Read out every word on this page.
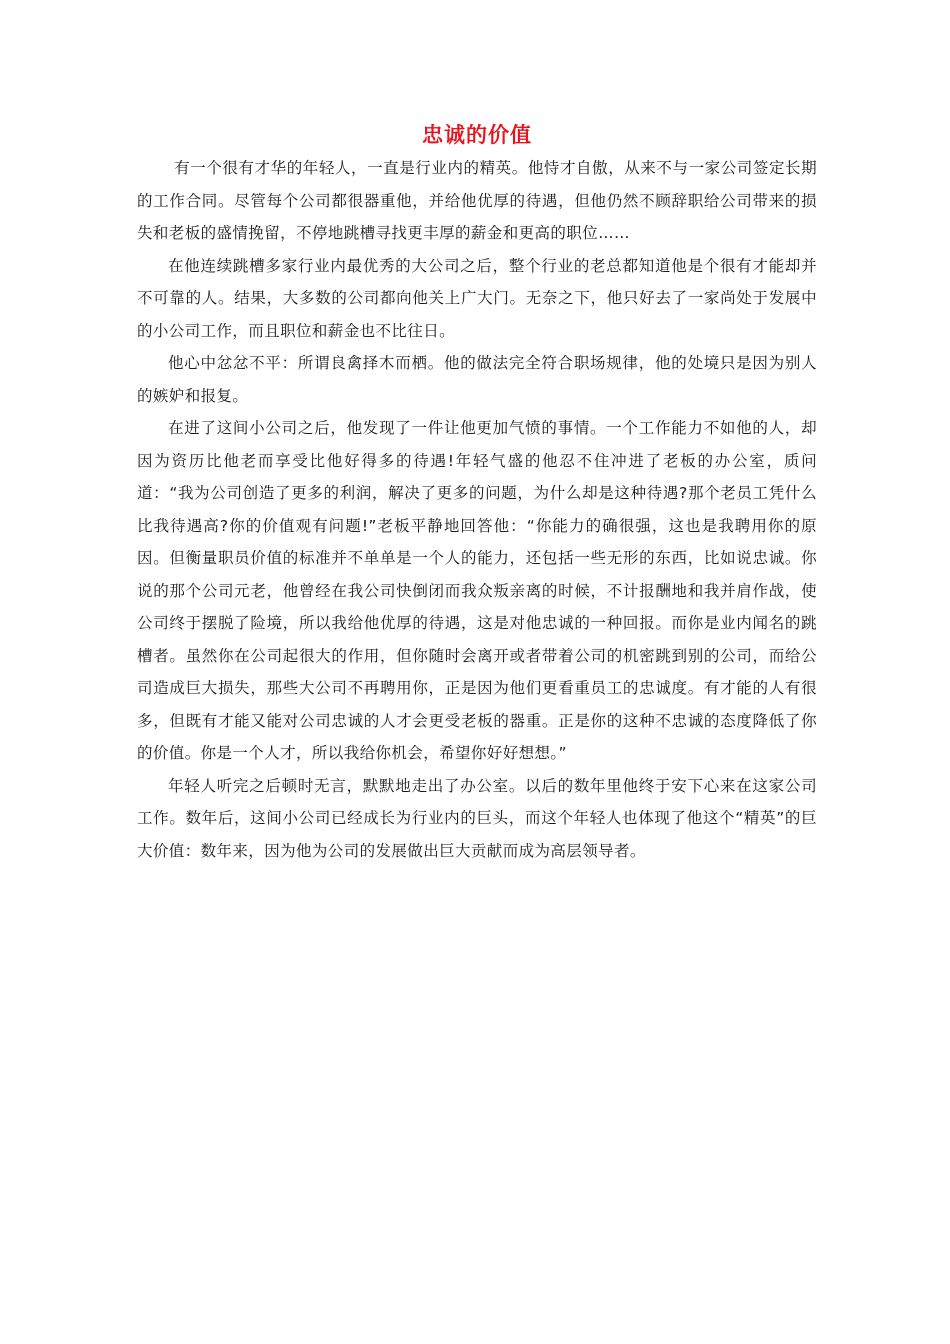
忠诚的价值

有一个很有才华的年轻人，一直是行业内的精英。他恃才自傲，从来不与一家公司签定长期的工作合同。尽管每个公司都很器重他，并给他优厚的待遇，但他仍然不顾辞职给公司带来的损失和老板的盛情挽留，不停地跳槽寻找更丰厚的薪金和更高的职位……

在他连续跳槽多家行业内最优秀的大公司之后，整个行业的老总都知道他是个很有才能却并不可靠的人。结果，大多数的公司都向他关上广大门。无奈之下，他只好去了一家尚处于发展中的小公司工作，而且职位和薪金也不比往日。

他心中忿忿不平：所谓良禽择木而栖。他的做法完全符合职场规律，他的处境只是因为别人的嫉妒和报复。

在进了这间小公司之后，他发现了一件让他更加气愤的事情。一个工作能力不如他的人，却因为资历比他老而享受比他好得多的待遇!年轻气盛的他忍不住冲进了老板的办公室，质问道：“我为公司创造了更多的利润，解决了更多的问题，为什么却是这种待遇?那个老员工凭什么比我待遇高?你的价值观有问题!”老板平静地回答他：“你能力的确很强，这也是我聘用你的原因。但衡量职员价值的标准并不单单是一个人的能力，还包括一些无形的东西，比如说忠诚。你说的那个公司元老，他曾经在我公司快倒闭而我众叛亲离的时候，不计报酬地和我并肩作战，使公司终于摆脱了险境，所以我给他优厚的待遇，这是对他忠诚的一种回报。而你是业内闻名的跳槽者。虽然你在公司起很大的作用，但你随时会离开或者带着公司的机密跳到别的公司，而给公司造成巨大损失，那些大公司不再聘用你，正是因为他们更看重员工的忠诚度。有才能的人有很多，但既有才能又能对公司忠诚的人才会更受老板的器重。正是你的这种不忠诚的态度降低了你的价值。你是一个人才，所以我给你机会，希望你好好想想。”

年轻人听完之后顿时无言，默默地走出了办公室。以后的数年里他终于安下心来在这家公司工作。数年后，这间小公司已经成长为行业内的巨头，而这个年轻人也体现了他这个“精英”的巨大价值：数年来，因为他为公司的发展做出巨大贡献而成为高层领导者。
